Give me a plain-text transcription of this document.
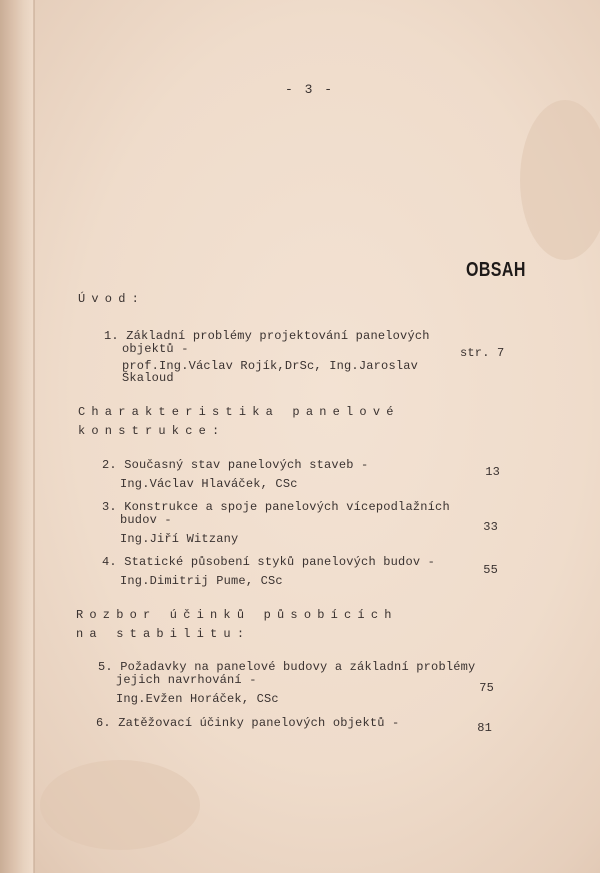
- 3 -
OBSAH
Úvod:
1. Základní problémy projektování panelových
objektů -
prof.Ing.Václav Rojík,DrSc, Ing.Jaroslav
Škaloud
str. 7
Charakteristika panelové
konstrukce:
2. Současný stav panelových staveb -
Ing.Václav Hlaváček, CSc
13
3. Konstrukce a spoje panelových vícepodlažních
budov -
Ing.Jiří Witzany
33
4. Statické působení styků panelových budov -
Ing.Dimitrij Pume, CSc
55
Rozbor účinků působících
na stabilitu:
5. Požadavky na panelové budovy a základní problémy
jejich navrhování -
Ing.Evžen Horáček, CSc
75
6. Zatěžovací účinky panelových objektů -	81
